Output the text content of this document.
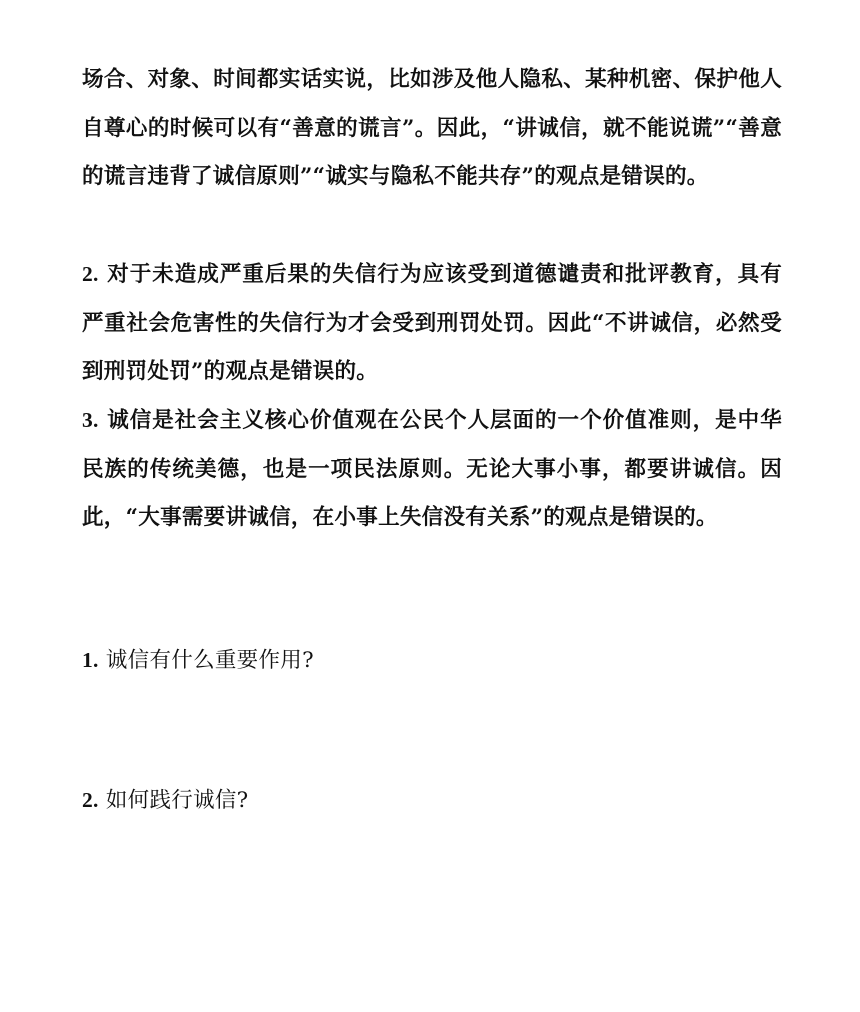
场合、对象、时间都实话实说，比如涉及他人隐私、某种机密、保护他人自尊心的时候可以有“善意的谎言”。因此，“讲诚信，就不能说谎”“善意的谎言违背了诚信原则”“诚实与隐私不能共存”的观点是错误的。
2. 对于未造成严重后果的失信行为应该受到道德谴责和批评教育，具有严重社会危害性的失信行为才会受到刑罚处罚。因此“不讲诚信，必然受到刑罚处罚”的观点是错误的。
3. 诚信是社会主义核心价值观在公民个人层面的一个价值准则，是中华民族的传统美德，也是一项民法原则。无论大事小事，都要讲诚信。因此，“大事需要讲诚信，在小事上失信没有关系”的观点是错误的。
1. 诚信有什么重要作用?
2. 如何践行诚信?
